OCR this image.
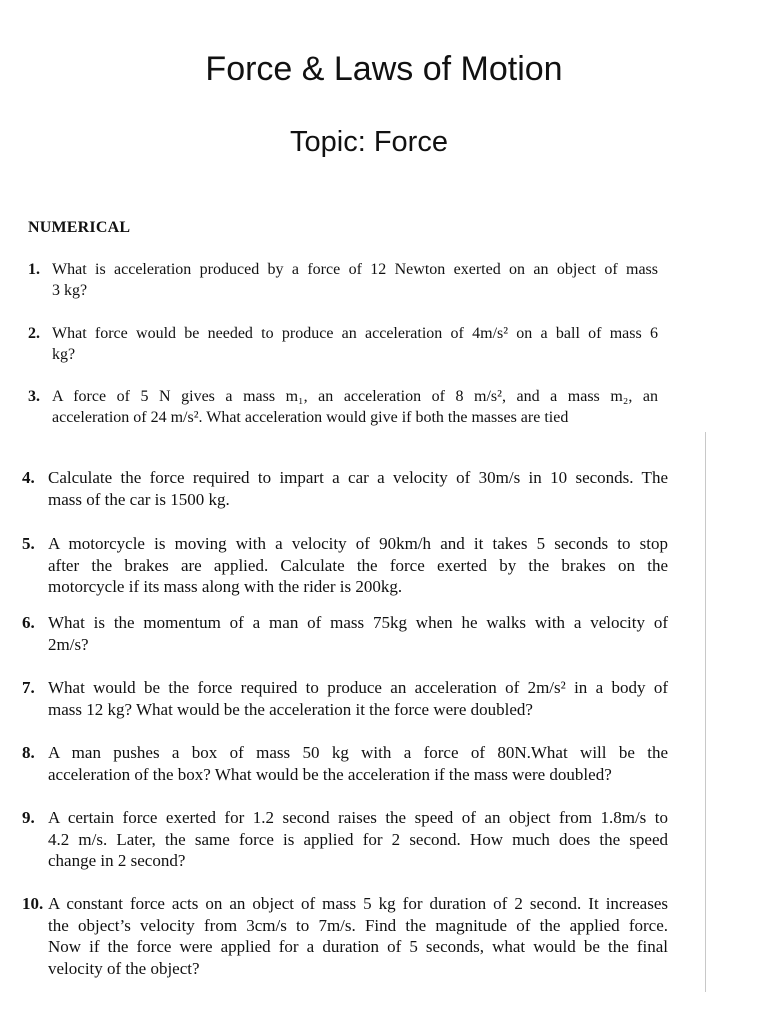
Force & Laws of Motion
Topic: Force
NUMERICAL
1. What is acceleration produced by a force of 12 Newton exerted on an object of mass
3 kg?
2. What force would be needed to produce an acceleration of 4m/s² on a ball of mass 6
kg?
3. A force of 5 N gives a mass m₁, an acceleration of 8 m/s², and a mass m₂, an
acceleration of 24 m/s². What acceleration would give if both the masses are tied
4. Calculate the force required to impart a car a velocity of 30m/s in 10 seconds. The
mass of the car is 1500 kg.
5. A motorcycle is moving with a velocity of 90km/h and it takes 5 seconds to stop
after the brakes are applied. Calculate the force exerted by the brakes on the
motorcycle if its mass along with the rider is 200kg.
6. What is the momentum of a man of mass 75kg when he walks with a velocity of
2m/s?
7. What would be the force required to produce an acceleration of 2m/s² in a body of
mass 12 kg? What would be the acceleration it the force were doubled?
8. A man pushes a box of mass 50 kg with a force of 80N.What will be the
acceleration of the box? What would be the acceleration if the mass were doubled?
9. A certain force exerted for 1.2 second raises the speed of an object from 1.8m/s to
4.2 m/s. Later, the same force is applied for 2 second. How much does the speed
change in 2 second?
10. A constant force acts on an object of mass 5 kg for duration of 2 second. It increases
the object’s velocity from 3cm/s to 7m/s. Find the magnitude of the applied force.
Now if the force were applied for a duration of 5 seconds, what would be the final
velocity of the object?
